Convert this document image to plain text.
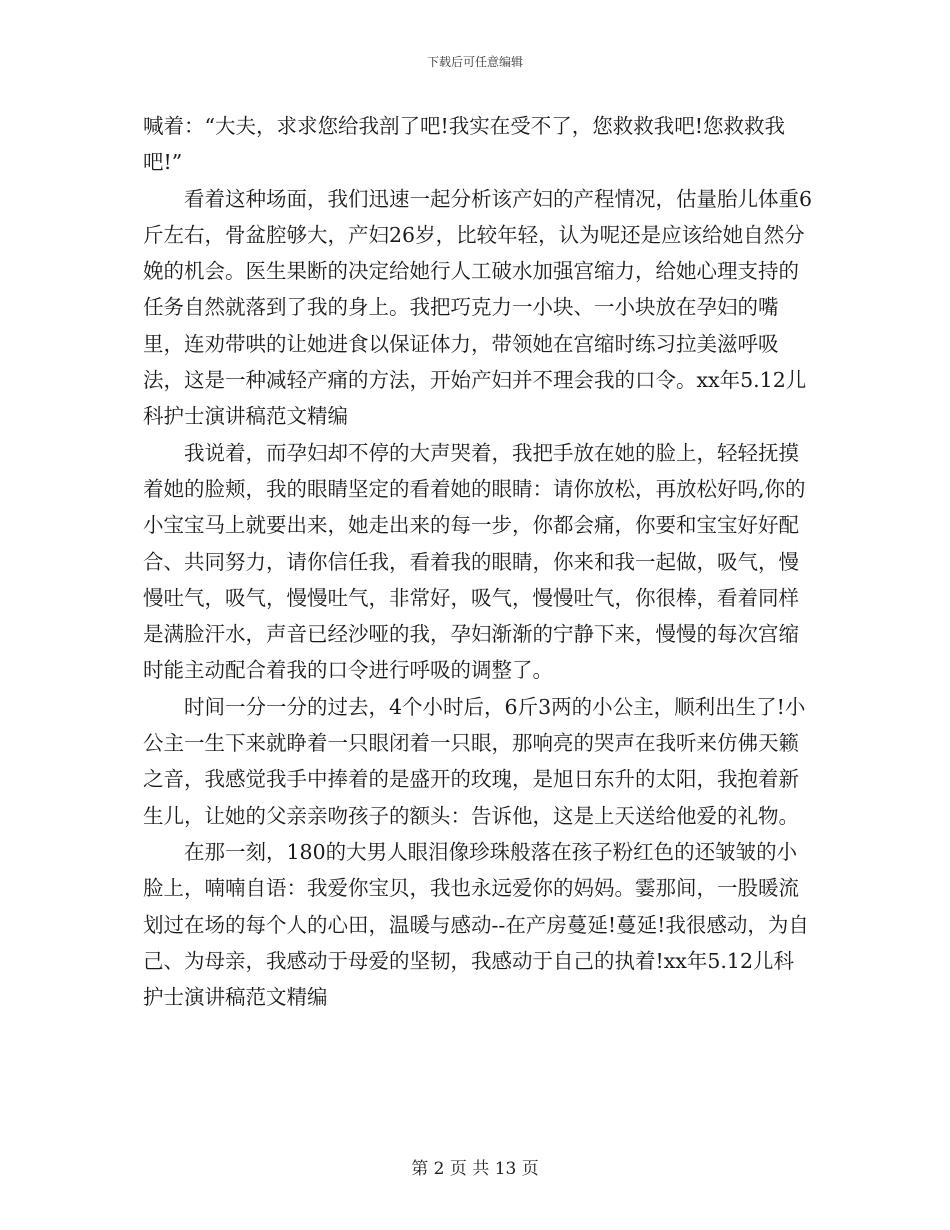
下载后可任意编辑

喊着：“大夫，求求您给我剖了吧!我实在受不了，您救救我吧!您救救我吧!”

看着这种场面，我们迅速一起分析该产妇的产程情况，估量胎儿体重6斤左右，骨盆腔够大，产妇26岁，比较年轻，认为呢还是应该给她自然分娩的机会。医生果断的决定给她行人工破水加强宫缩力，给她心理支持的任务自然就落到了我的身上。我把巧克力一小块、一小块放在孕妇的嘴里，连劝带哄的让她进食以保证体力，带领她在宫缩时练习拉美滋呼吸法，这是一种减轻产痛的方法，开始产妇并不理会我的口令。xx年5.12儿科护士演讲稿范文精编

我说着，而孕妇却不停的大声哭着，我把手放在她的脸上，轻轻抚摸着她的脸颊，我的眼睛坚定的看着她的眼睛：请你放松，再放松好吗,你的小宝宝马上就要出来，她走出来的每一步，你都会痛，你要和宝宝好好配合、共同努力，请你信任我，看着我的眼睛，你来和我一起做，吸气，慢慢吐气，吸气，慢慢吐气，非常好，吸气，慢慢吐气，你很棒，看着同样是满脸汗水，声音已经沙哑的我，孕妇渐渐的宁静下来，慢慢的每次宫缩时能主动配合着我的口令进行呼吸的调整了。

时间一分一分的过去，4个小时后，6斤3两的小公主，顺利出生了!小公主一生下来就睁着一只眼闭着一只眼，那响亮的哭声在我听来仿佛天籁之音，我感觉我手中捧着的是盛开的玫瑰，是旭日东升的太阳，我抱着新生儿，让她的父亲亲吻孩子的额头：告诉他，这是上天送给他爱的礼物。

在那一刻，180的大男人眼泪像珍珠般落在孩子粉红色的还皱皱的小脸上，喃喃自语：我爱你宝贝，我也永远爱你的妈妈。霎那间，一股暖流划过在场的每个人的心田，温暖与感动--在产房蔓延!蔓延!我很感动，为自己、为母亲，我感动于母爱的坚韧，我感动于自己的执着!xx年5.12儿科护士演讲稿范文精编

第 2 页 共 13 页
